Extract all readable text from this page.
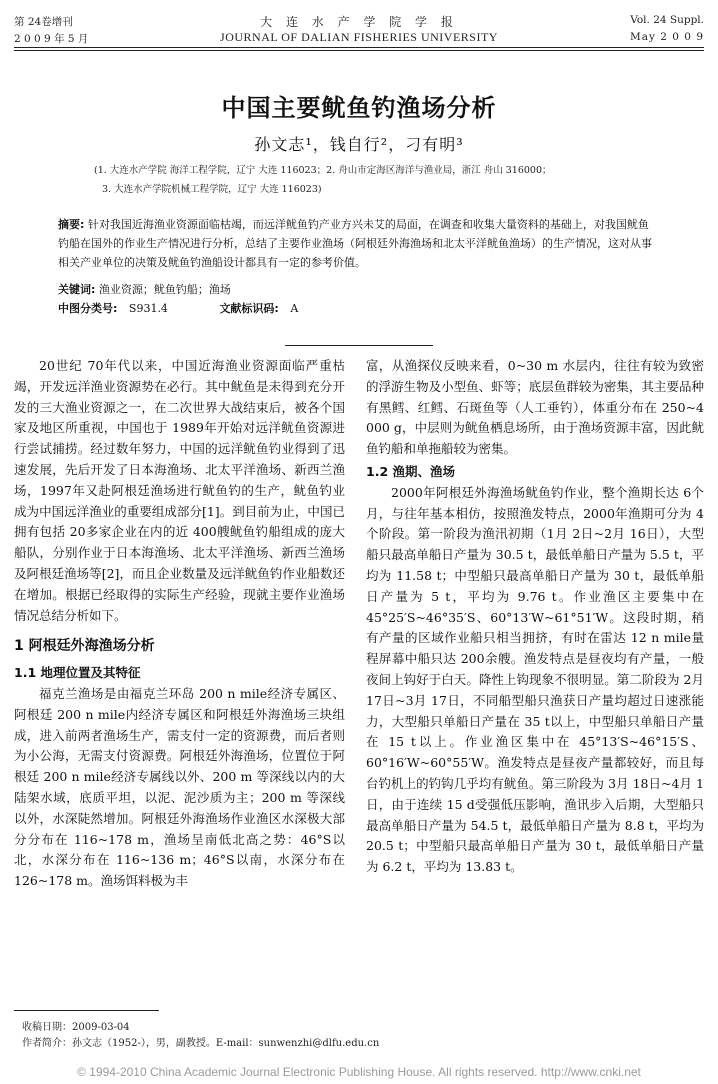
第 24卷增刊
2 0 0 9 年 5 月
大 连 水 产 学 院 学 报
JOURNAL OF DALIAN FISHERIES UNIVERSITY
Vol. 24 Suppl.
May 2 0 0 9
中国主要鱿鱼钓渔场分析
孙文志¹，钱自行²，刁有明³
(1. 大连水产学院 海洋工程学院，辽宁 大连 116023；2. 舟山市定海区海洋与渔业局，浙江 舟山 316000；
3. 大连水产学院机械工程学院，辽宁 大连 116023)
摘要: 针对我国近海渔业资源面临枯竭，而远洋鱿鱼钓产业方兴未艾的局面，在调查和收集大量资料的基础上，对我国鱿鱼钓船在国外的作业生产情况进行分析，总结了主要作业渔场（阿根廷外海渔场和北太平洋鱿鱼渔场）的生产情况，这对从事相关产业单位的决策及鱿鱼钓渔船设计都具有一定的参考价值。
关键词: 渔业资源；鱿鱼钓船；渔场
中图分类号: S931.4	文献标识码: A

20世纪 70年代以来，中国近海渔业资源面临严重枯竭，开发远洋渔业资源势在必行。其中鱿鱼是未得到充分开发的三大渔业资源之一，在二次世界大战结束后，被各个国家及地区所重视，中国也于 1989年开始对远洋鱿鱼资源进行尝试捕捞。经过数年努力，中国的远洋鱿鱼钓业得到了迅速发展，先后开发了日本海渔场、北太平洋渔场、新西兰渔场，1997年又赴阿根廷渔场进行鱿鱼钓的生产，鱿鱼钓业成为中国远洋渔业的重要组成部分[1]。到目前为止，中国已拥有包括 20多家企业在内的近 400艘鱿鱼钓船组成的庞大船队，分别作业于日本海渔场、北太平洋渔场、新西兰渔场及阿根廷渔场等[2]，而且企业数量及远洋鱿鱼钓作业船数还在增加。根据已经取得的实际生产经验，现就主要作业渔场情况总结分析如下。

1 阿根廷外海渔场分析

1.1 地理位置及其特征

福克兰渔场是由福克兰环岛 200 n mile经济专属区、阿根廷 200 n mile内经济专属区和阿根廷外海渔场三块组成，进入前两者渔场生产，需支付一定的资源费，而后者则为小公海，无需支付资源费。阿根廷外海渔场，位置位于阿根廷 200 n mile经济专属线以外、200 m 等深线以内的大陆架水域，底质平坦，以泥、泥沙质为主；200 m 等深线以外，水深陡然增加。阿根廷外海渔场作业渔区水深极大部分分布在 116~178 m，渔场呈南低北高之势：46°S以北，水深分布在 116~136 m；46°S以南，水深分布在 126~178 m。渔场饵料极为丰

富，从渔探仪反映来看，0~30 m 水层内，往往有较为致密的浮游生物及小型鱼、虾等；底层鱼群较为密集，其主要品种有黑鳕、红鳕、石斑鱼等（人工垂钓），体重分布在 250~4 000 g，中层则为鱿鱼栖息场所，由于渔场资源丰富，因此鱿鱼钓船和单拖船较为密集。

1.2 渔期、渔场

2000年阿根廷外海渔场鱿鱼钓作业，整个渔期长达 6个月，与往年基本相仿，按照渔发特点，2000年渔期可分为 4个阶段。第一阶段为渔汛初期（1月 2日~2月 16日），大型船只最高单船日产量为 30.5 t，最低单船日产量为 5.5 t，平均为 11.58 t；中型船只最高单船日产量为 30 t，最低单船日产量为 5 t，平均为 9.76 t。作业渔区主要集中在 45°25′S~46°35′S、60°13′W~61°51′W。这段时期，稍有产量的区域作业船只相当拥挤，有时在雷达 12 n mile量程屏幕中船只达 200余艘。渔发特点是昼夜均有产量，一般夜间上钩好于白天。降性上钩现象不很明显。第二阶段为 2月 17日~3月 17日，不同船型船只渔获日产量均超过日速涨能力，大型船只单船日产量在 35 t以上，中型船只单船日产量在 15 t以上。作业渔区集中在 45°13′S~46°15′S、60°16′W~60°55′W。渔发特点是昼夜产量都较好，而且每台钓机上的钓钩几乎均有鱿鱼。第三阶段为 3月 18日~4月 1日，由于连续 15 d受强低压影响，渔讯步入后期，大型船只最高单船日产量为 54.5 t，最低单船日产量为 8.8 t，平均为 20.5 t；中型船只最高单船日产量为 30 t，最低单船日产量为 6.2 t，平均为 13.83 t。

收稿日期：2009-03-04
作者简介：孙文志（1952-），男，副教授。E-mail：sunwenzhi@dlfu.edu.cn
© 1994-2010 China Academic Journal Electronic Publishing House. All rights reserved. http://www.cnki.net
